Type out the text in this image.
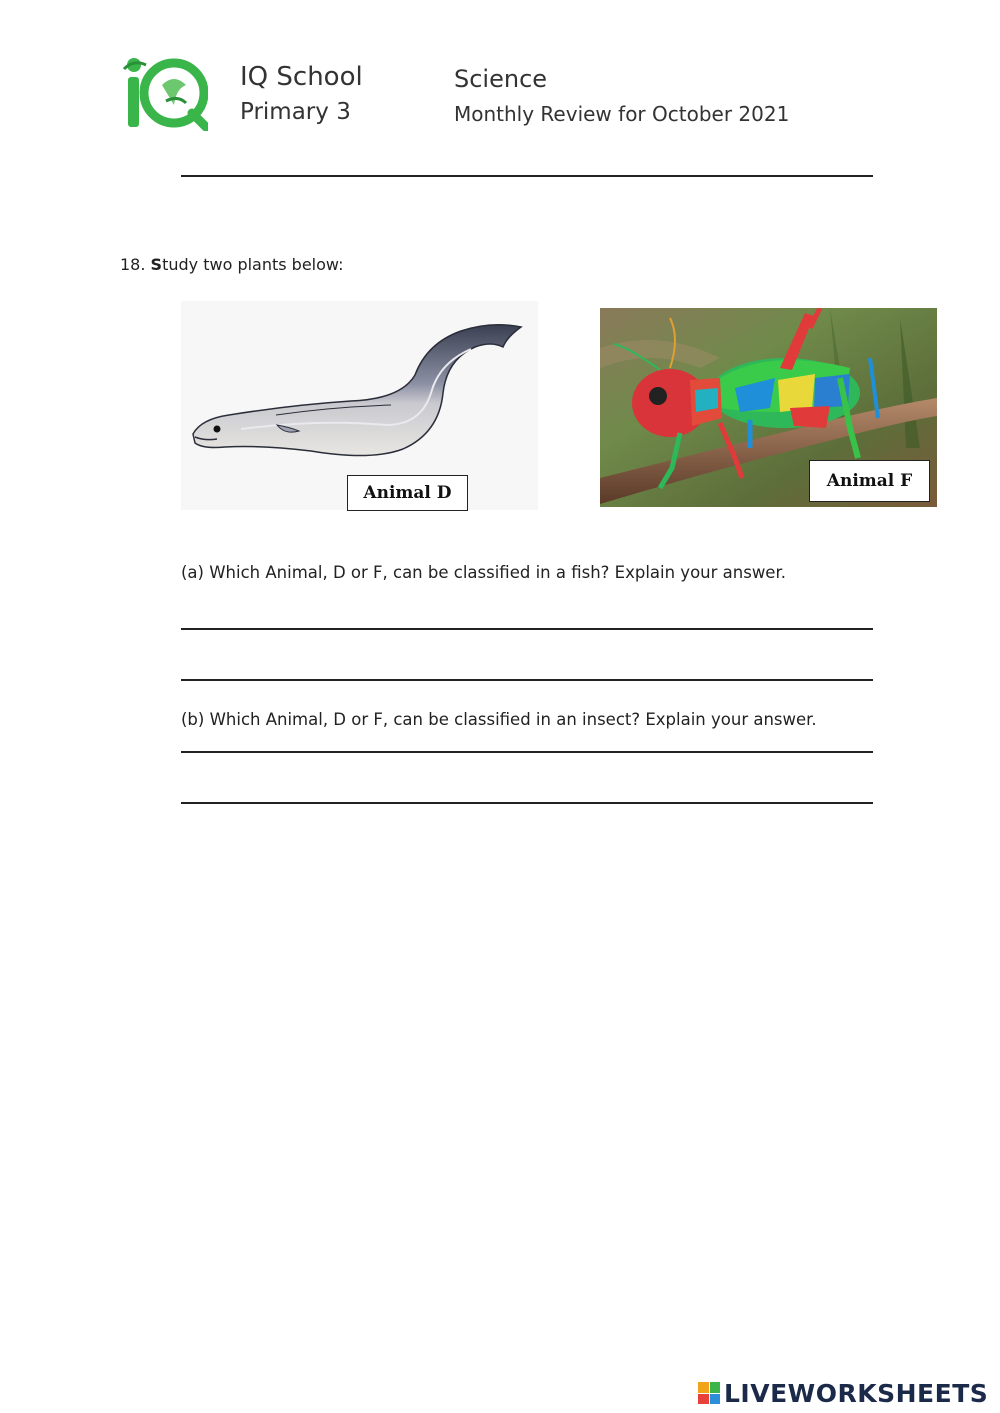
IQ School
Primary 3
Science
Monthly Review for October 2021
18. Study two plants below:
Animal D
Animal F
(a) Which Animal, D or F, can be classified in a fish? Explain your answer.
(b) Which Animal, D or F, can be classified in an insect? Explain your answer.
LIVEWORKSHEETS
